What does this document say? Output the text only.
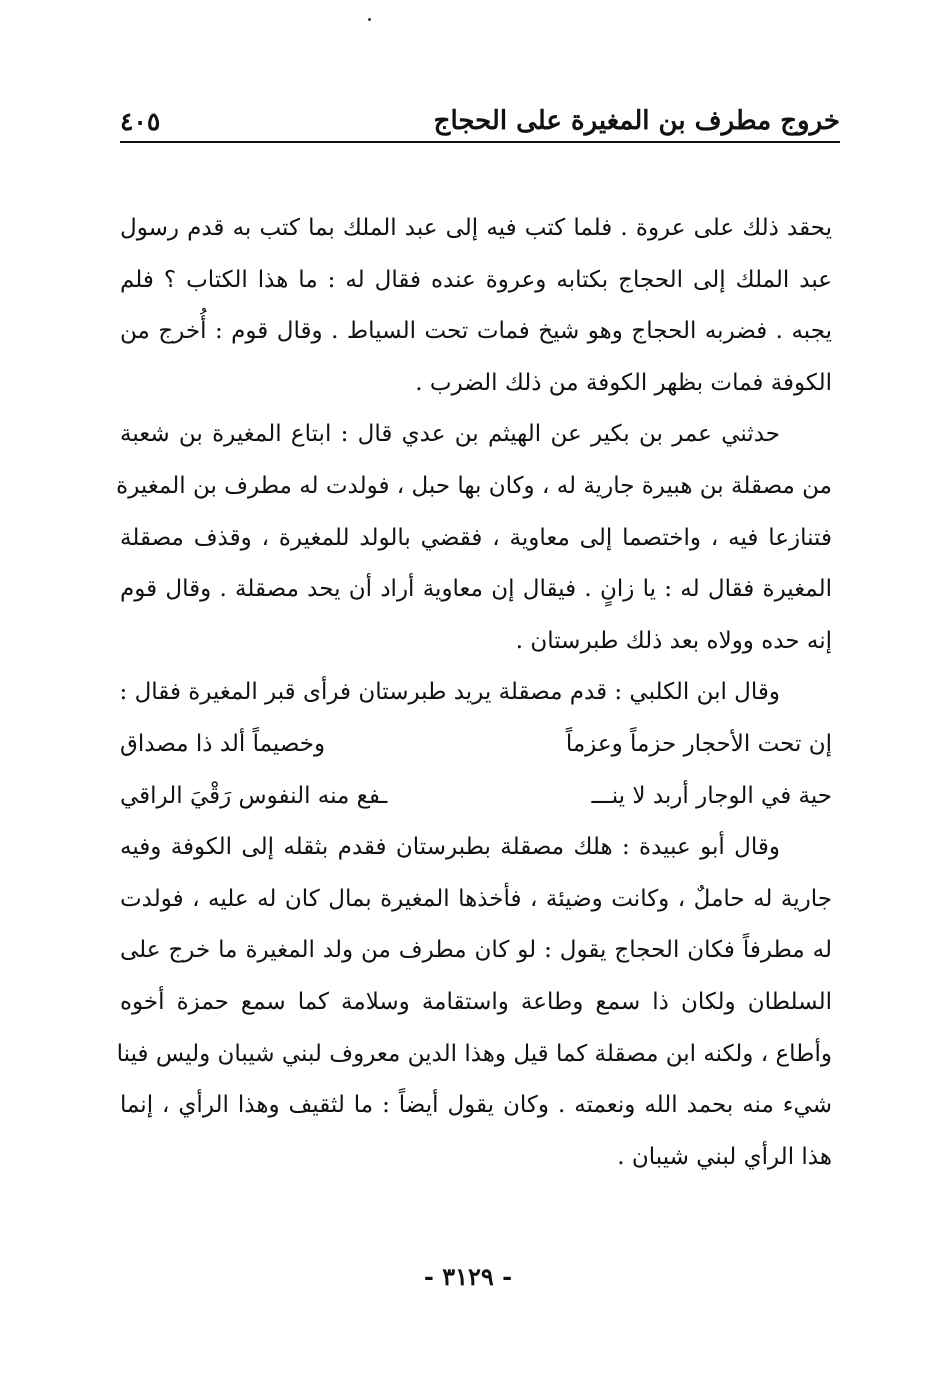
خروج مطرف بن المغيرة على الحجاج
٤٠٥
يحقد ذلك على عروة . فلما كتب فيه إلى عبد الملك بما كتب به قدم رسول
عبد الملك إلى الحجاج بكتابه وعروة عنده فقال له : ما هذا الكتاب ؟ فلم
يجبه . فضربه الحجاج وهو شيخ فمات تحت السياط . وقال قوم : أُخرج من
الكوفة فمات بظهر الكوفة من ذلك الضرب .
حدثني عمر بن بكير عن الهيثم بن عدي قال : ابتاع المغيرة بن شعبة
من مصقلة بن هبيرة جارية له ، وكان بها حبل ، فولدت له مطرف بن المغيرة
فتنازعا فيه ، واختصما إلى معاوية ، فقضي بالولد للمغيرة ، وقذف مصقلة
المغيرة فقال له : يا زانٍ . فيقال إن معاوية أراد أن يحد مصقلة . وقال قوم
إنه حده وولاه بعد ذلك طبرستان .
وقال ابن الكلبي : قدم مصقلة يريد طبرستان فرأى قبر المغيرة فقال :
إن تحت الأحجار حزماً وعزماً
وخصيماً ألد ذا مصداق
حية في الوجار أربد لا ينـــ
ـفع منه النفوس رَقْيَ الراقي
وقال أبو عبيدة : هلك مصقلة بطبرستان فقدم بثقله إلى الكوفة وفيه
جارية له حاملٌ ، وكانت وضيئة ، فأخذها المغيرة بمال كان له عليه ، فولدت
له مطرفاً فكان الحجاج يقول : لو كان مطرف من ولد المغيرة ما خرج على
السلطان ولكان ذا سمع وطاعة واستقامة وسلامة كما سمع حمزة أخوه
وأطاع ، ولكنه ابن مصقلة كما قيل وهذا الدين معروف لبني شيبان وليس فينا
شيء منه بحمد الله ونعمته . وكان يقول أيضاً : ما لثقيف وهذا الرأي ، إنما
هذا الرأي لبني شيبان .
- ٣١٢٩ -
